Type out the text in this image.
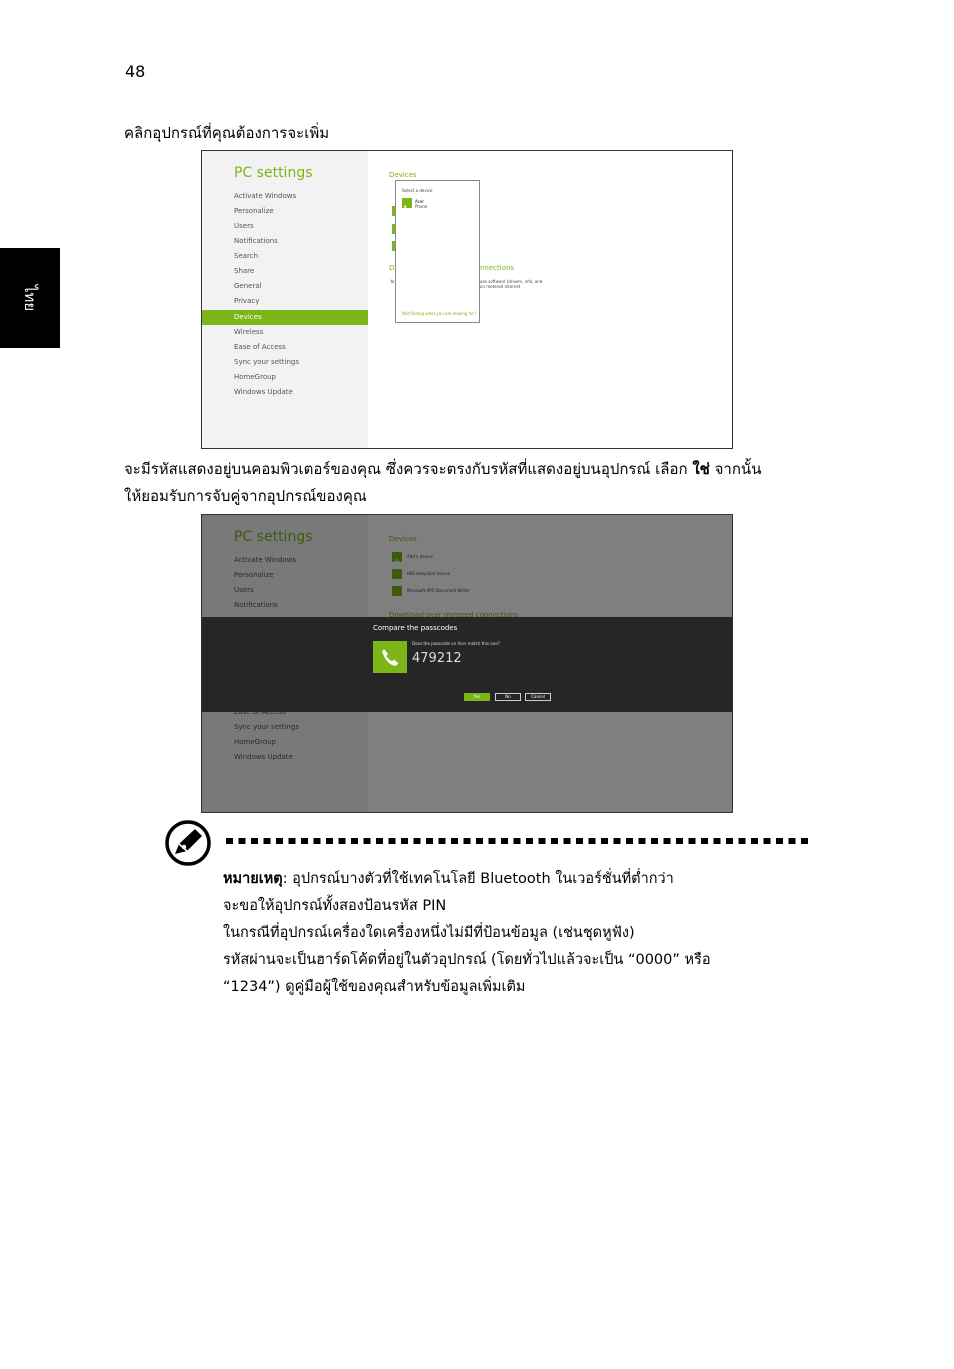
48
ไทย
คลิกอุปกรณ์ที่คุณต้องการจะเพิ่ม
PC settings
Activate Windows
Personalize
Users
Notifications
Search
Share
General
Privacy
Devices
Wireless
Ease of Access
Sync your settings
HomeGroup
Windows Update
Devices
D	nnections
Yo	ase software (drivers, info, and
on metered Internet
Select a device
Acer
Phone
Not finding what you are looking for?
จะมีรหัสแสดงอยู่บนคอมพิวเตอร์ของคุณ ซึ่งควรจะตรงกับรหัสที่แสดงอยู่บนอุปกรณ์ เลือก ใช่ จากนั้น
ให้ยอมรับการจับคู่จากอุปกรณ์ของคุณ
Compare the passcodes
Does the passcode on Acer match this one?
479212
Yes	No	Cancel
หมายเหตุ: อุปกรณ์บางตัวที่ใช้เทคโนโลยี Bluetooth ในเวอร์ชั่นที่ต่ำกว่า
จะขอให้อุปกรณ์ทั้งสองป้อนรหัส PIN
ในกรณีที่อุปกรณ์เครื่องใดเครื่องหนึ่งไม่มีที่ป้อนข้อมูล (เช่นชุดหูฟัง)
รหัสผ่านจะเป็นฮาร์ดโค้ดที่อยู่ในตัวอุปกรณ์ (โดยทั่วไปแล้วจะเป็น “0000” หรือ
“1234”) ดูคู่มือผู้ใช้ของคุณสำหรับข้อมูลเพิ่มเติม
